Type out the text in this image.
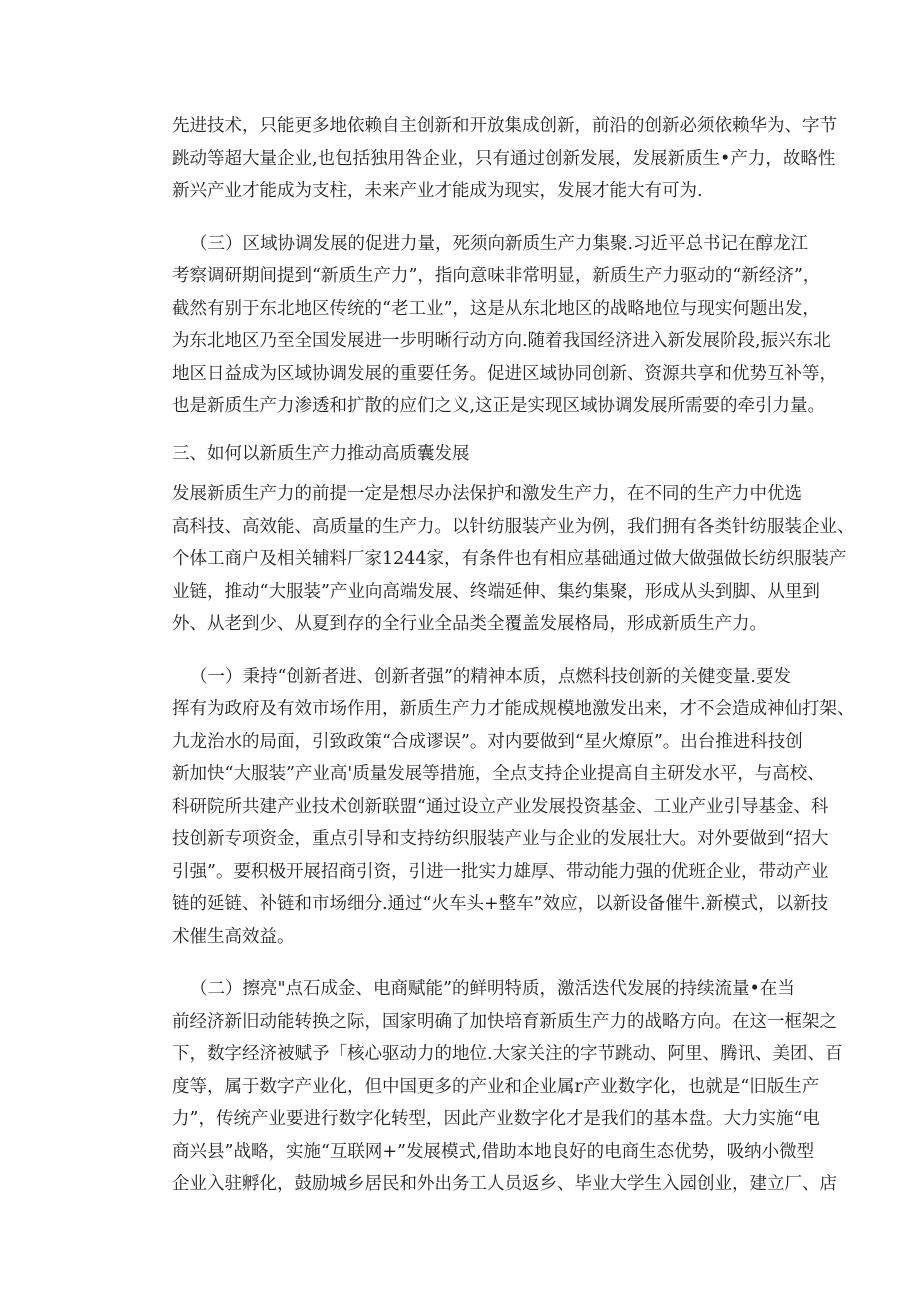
先进技术，只能更多地依赖自主创新和开放集成创新，前沿的创新必须依赖华为、字节
跳动等超大量企业,也包括独用咎企业，只有通过创新发展，发展新质生•产力，故略性
新兴产业才能成为支柱，未来产业才能成为现实，发展才能大有可为.
（三）区域协调发展的促进力量，死须向新质生产力集聚.习近平总书记在醇龙江
考察调研期间提到“新质生产力”，指向意味非常明显，新质生产力驱动的“新经济”，
截然有别于东北地区传统的“老工业”，这是从东北地区的战略地位与现实何题出发，
为东北地区乃至全国发展进一步明晰行动方向.随着我国经济进入新发展阶段,振兴东北
地区日益成为区域协调发展的重要任务。促进区域协同创新、资源共享和优势互补等，
也是新质生产力渗透和扩散的应们之义,这正是实现区域协调发展所需要的牵引力量。
三、如何以新质生产力推动高质囊发展
发展新质生产力的前提一定是想尽办法保护和激发生产力，在不同的生产力中优选
高科技、高效能、高质量的生产力。以针纺服装产业为例，我们拥有各类针纺服装企业、
个体工商户及相关辅料厂家1244家，有条件也有相应基础通过做大做强做长纺织服装产
业链，推动“大服装”产业向高端发展、终端延伸、集约集聚，形成从头到脚、从里到
外、从老到少、从夏到存的全行业全品类全覆盖发展格局，形成新质生产力。
（一）秉持“创新者进、创新者强”的精神本质，点燃科技创新的关健变量.要发
挥有为政府及有效市场作用，新质生产力才能成规模地激发出来，才不会造成神仙打架、
九龙治水的局面，引致政策“合成谬误”。对内要做到“星火燎原”。出台推进科技创
新加快“大服装”产业高'质量发展等措施，全点支持企业提高自主研发水平，与高校、
科研院所共建产业技术创新联盟“通过设立产业发展投资基金、工业产业引导基金、科
技创新专项资金，重点引导和支持纺织服装产业与企业的发展壮大。对外要做到“招大
引强”。要积极开展招商引资，引进一批实力雄厚、带动能力强的优班企业，带动产业
链的延链、补链和市场细分.通过“火车头+整车”效应，以新设备催牛.新模式，以新技
术催生高效益。
（二）擦亮"点石成金、电商赋能”的鲜明特质，激活迭代发展的持续流量•在当
前经济新旧动能转换之际，国家明确了加快培育新质生产力的战略方向。在这一框架之
下，数字经济被赋予「核心驱动力的地位.大家关注的字节跳动、阿里、腾讯、美团、百
度等，属于数字产业化，但中国更多的产业和企业属r产业数字化，也就是“旧版生产
力”，传统产业要进行数字化转型，因此产业数字化才是我们的基本盘。大力实施“电
商兴县”战略，实施“互联网+”发展模式,借助本地良好的电商生态优势，吸纳小微型
企业入驻孵化，鼓励城乡居民和外出务工人员返乡、毕业大学生入园创业，建立厂、店
